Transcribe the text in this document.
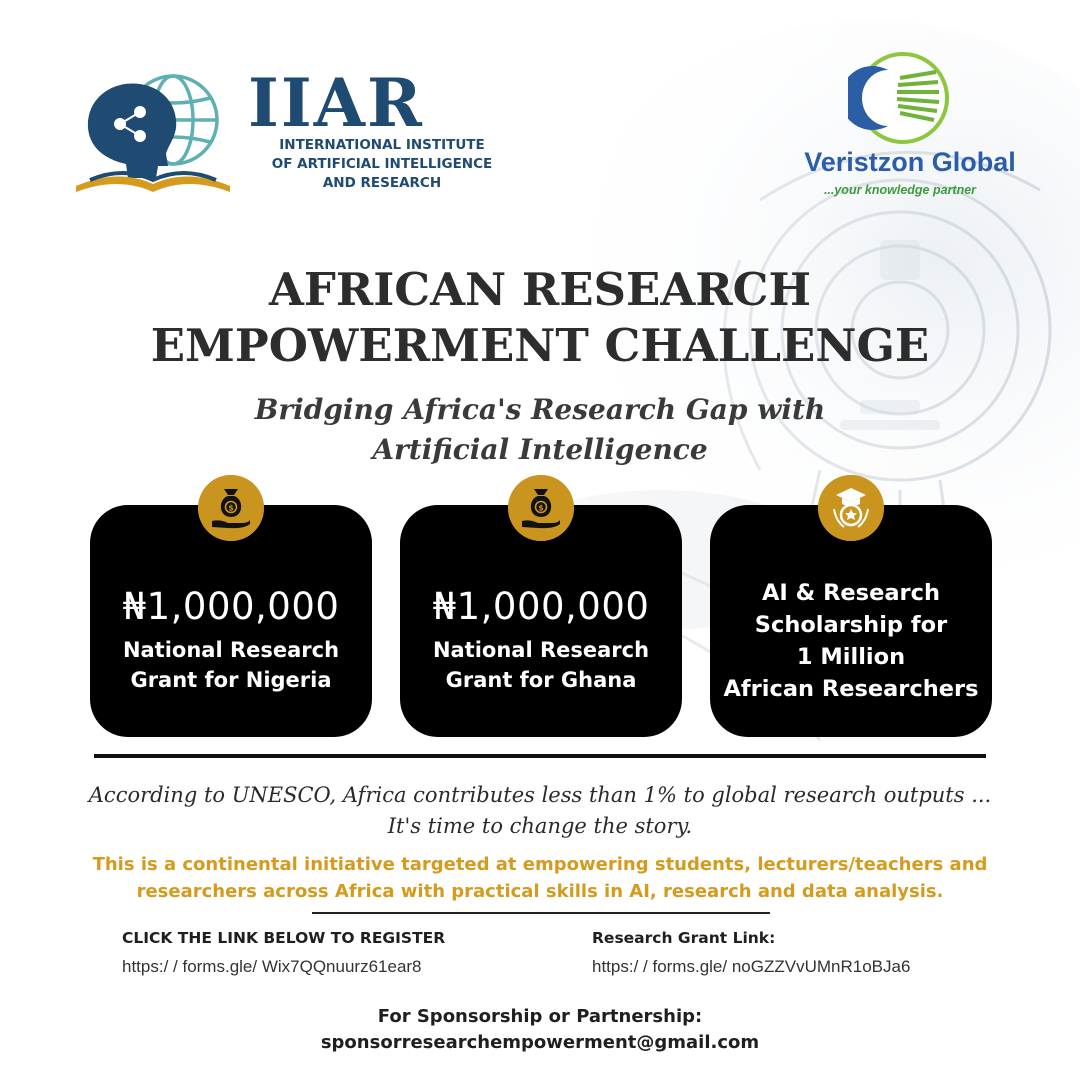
IIAR
INTERNATIONAL INSTITUTE
OF ARTIFICIAL INTELLIGENCE
AND RESEARCH
Veristzon Global
...your knowledge partner
AFRICAN RESEARCH
EMPOWERMENT CHALLENGE
Bridging Africa's Research Gap with
Artificial Intelligence
₦1,000,000
National Research
Grant for Nigeria
$
₦1,000,000
National Research
Grant for Ghana
$
AI & Research
Scholarship for
1 Million
African Researchers
According to UNESCO, Africa contributes less than 1% to global research outputs ...
It's time to change the story.
This is a continental initiative targeted at empowering students, lecturers/teachers and
researchers across Africa with practical skills in AI, research and data analysis.
CLICK THE LINK BELOW TO REGISTER
https:/ / forms.gle/ Wix7QQnuurz61ear8
Research Grant Link:
https:/ / forms.gle/ noGZZVvUMnR1oBJa6
For Sponsorship or Partnership:
sponsorresearchempowerment@gmail.com
